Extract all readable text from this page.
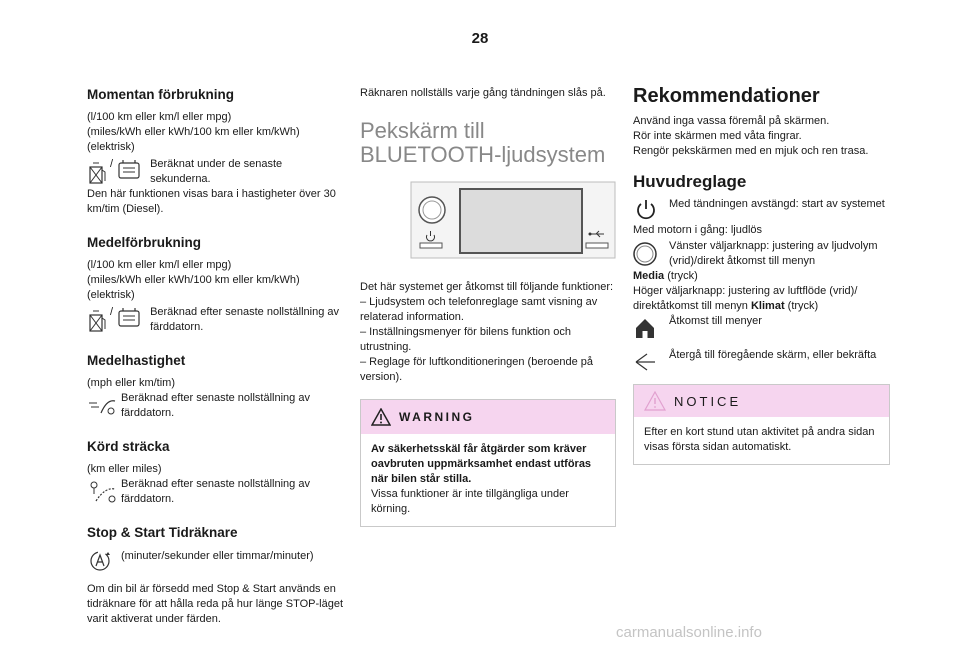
28
Momentan förbrukning

(l/100 km eller km/l eller mpg)
(miles/kWh eller kWh/100 km eller km/kWh)
(elektrisk)

/	Beräknat under de senaste sekunderna.

Den här funktionen visas bara i hastigheter över 30 km/tim (Diesel).

Medelförbrukning

(l/100 km eller km/l eller mpg)
(miles/kWh eller kWh/100 km eller km/kWh)
(elektrisk)

/	Beräknad efter senaste nollställning av färddatorn.

Medelhastighet

(mph eller km/tim)

Beräknad efter senaste nollställning av färddatorn.

Körd sträcka

(km eller miles)

Beräknad efter senaste nollställning av färddatorn.

Stop & Start Tidräknare

(minuter/sekunder eller timmar/minuter)

Om din bil är försedd med Stop & Start används en tidräknare för att hålla reda på hur länge STOP-läget varit aktiverat under färden.

Räknaren nollställs varje gång tändningen slås på.

Pekskärm till BLUETOOTH-ljudsystem

Det här systemet ger åtkomst till följande funktioner:

– Ljudsystem och telefonreglage samt visning av relaterad information.

– Inställningsmenyer för bilens funktion och utrustning.

– Reglage för luftkonditioneringen (beroende på version).

WARNING

Av säkerhetsskäl får åtgärder som kräver oavbruten uppmärksamhet endast utföras när bilen står stilla.

Vissa funktioner är inte tillgängliga under körning.

Rekommendationer

Använd inga vassa föremål på skärmen.

Rör inte skärmen med våta fingrar.

Rengör pekskärmen med en mjuk och ren trasa.

Huvudreglage

Med tändningen avstängd: start av systemet

Med motorn i gång: ljudlös

Vänster väljarknapp: justering av ljudvolym (vrid)/direkt åtkomst till menyn

Media (tryck)

Höger väljarknapp: justering av luftflöde (vrid)/ direktåtkomst till menyn Klimat (tryck)

Åtkomst till menyer

Återgå till föregående skärm, eller bekräfta

NOTICE

Efter en kort stund utan aktivitet på andra sidan visas första sidan automatiskt.

carmanualsonline.info
